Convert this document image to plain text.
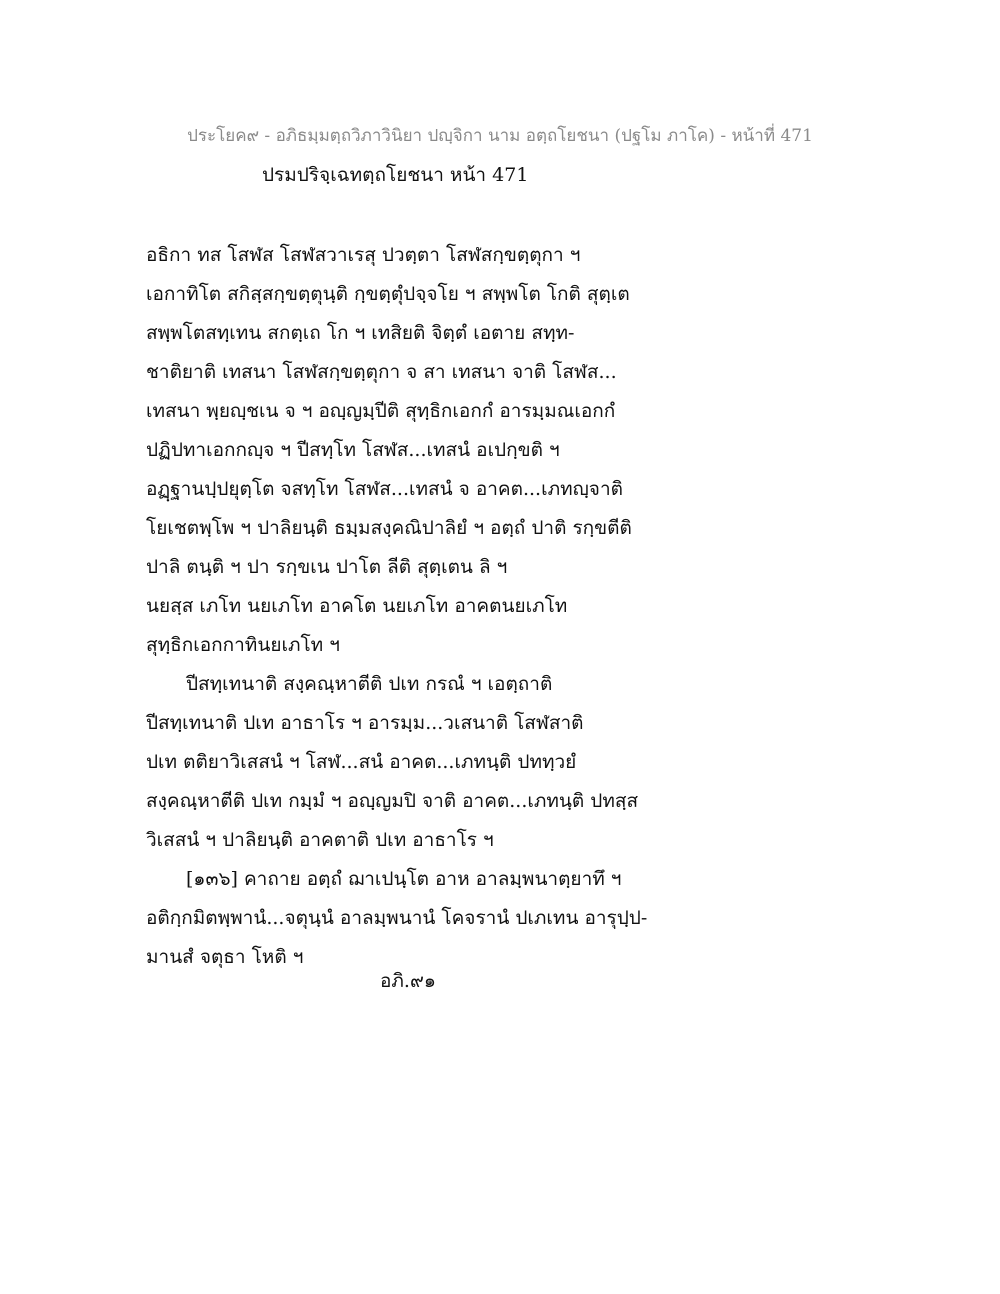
ประโยค๙ - อภิธมฺมตฺถวิภาวินิยา ปญฺจิกา นาม อตฺถโยชนา (ปฐโม ภาโค) - หน้าที่ 471
ปรมปริจฺเฉทตฺถโยชนา หน้า 471
อธิกา ทส โสฬส โสฬสวาเรสุ ปวตฺตา โสฬสกฺขตฺตุกา ฯ
เอกาทิโต สกิสฺสกฺขตฺตุนฺติ กฺขตฺตุํปจฺจโย ฯ สพฺพโต โกติ สุตฺเต
สพฺพโตสทฺเทน สกตฺเถ โก ฯ เทสิยติ จิตฺตํ เอตาย สทฺท-
ชาติยาติ เทสนา โสฬสกฺขตฺตุกา จ สา เทสนา จาติ โสฬส...
เทสนา พฺยญฺชเน จ ฯ อญฺญมฺปีติ สุทฺธิกเอกกํ อารมฺมณเอกกํ
ปฏิปทาเอกกญฺจ ฯ ปีสทฺโท โสฬส...เทสนํ อเปกฺขติ ฯ
อฏฺฐานปฺปยุตฺโต จสทฺโท โสฬส...เทสนํ จ อาคต...เภทญฺจาติ
โยเชตพฺโพ ฯ ปาลิยนฺติ ธมฺมสงฺคณิปาลิยํ ฯ อตฺถํ ปาติ รกฺขตีติ
ปาลิ ตนฺติ ฯ ปา รกฺขเน ปาโต ลีติ สุตฺเตน ลิ ฯ
นยสฺส เภโท นยเภโท อาคโต นยเภโท อาคตนยเภโท
สุทฺธิกเอกกาทินยเภโท ฯ
ปีสทฺเทนาติ สงฺคณฺหาตีติ ปเท กรณํ ฯ เอตฺถาติ
ปีสทฺเทนาติ ปเท อาธาโร ฯ อารมฺม...วเสนาติ โสฬสาติ
ปเท ตติยาวิเสสนํ ฯ โสฬ...สนํ อาคต...เภทนฺติ ปททฺวยํ
สงฺคณฺหาตีติ ปเท กมฺมํ ฯ อญฺญมปิ จาติ อาคต...เภทนฺติ ปทสฺส
วิเสสนํ ฯ ปาลิยนฺติ อาคตาติ ปเท อาธาโร ฯ
[๑๓๖] คาถาย อตฺถํ ฌาเปนฺโต อาห อาลมฺพนาตฺยาทึ ฯ
อติกฺกมิตพฺพานํ...จตุนฺนํ อาลมฺพนานํ โคจรานํ ปเภเทน อารุปฺป-
มานสํ จตุธา โหติ ฯ
อภิ.๙๑
